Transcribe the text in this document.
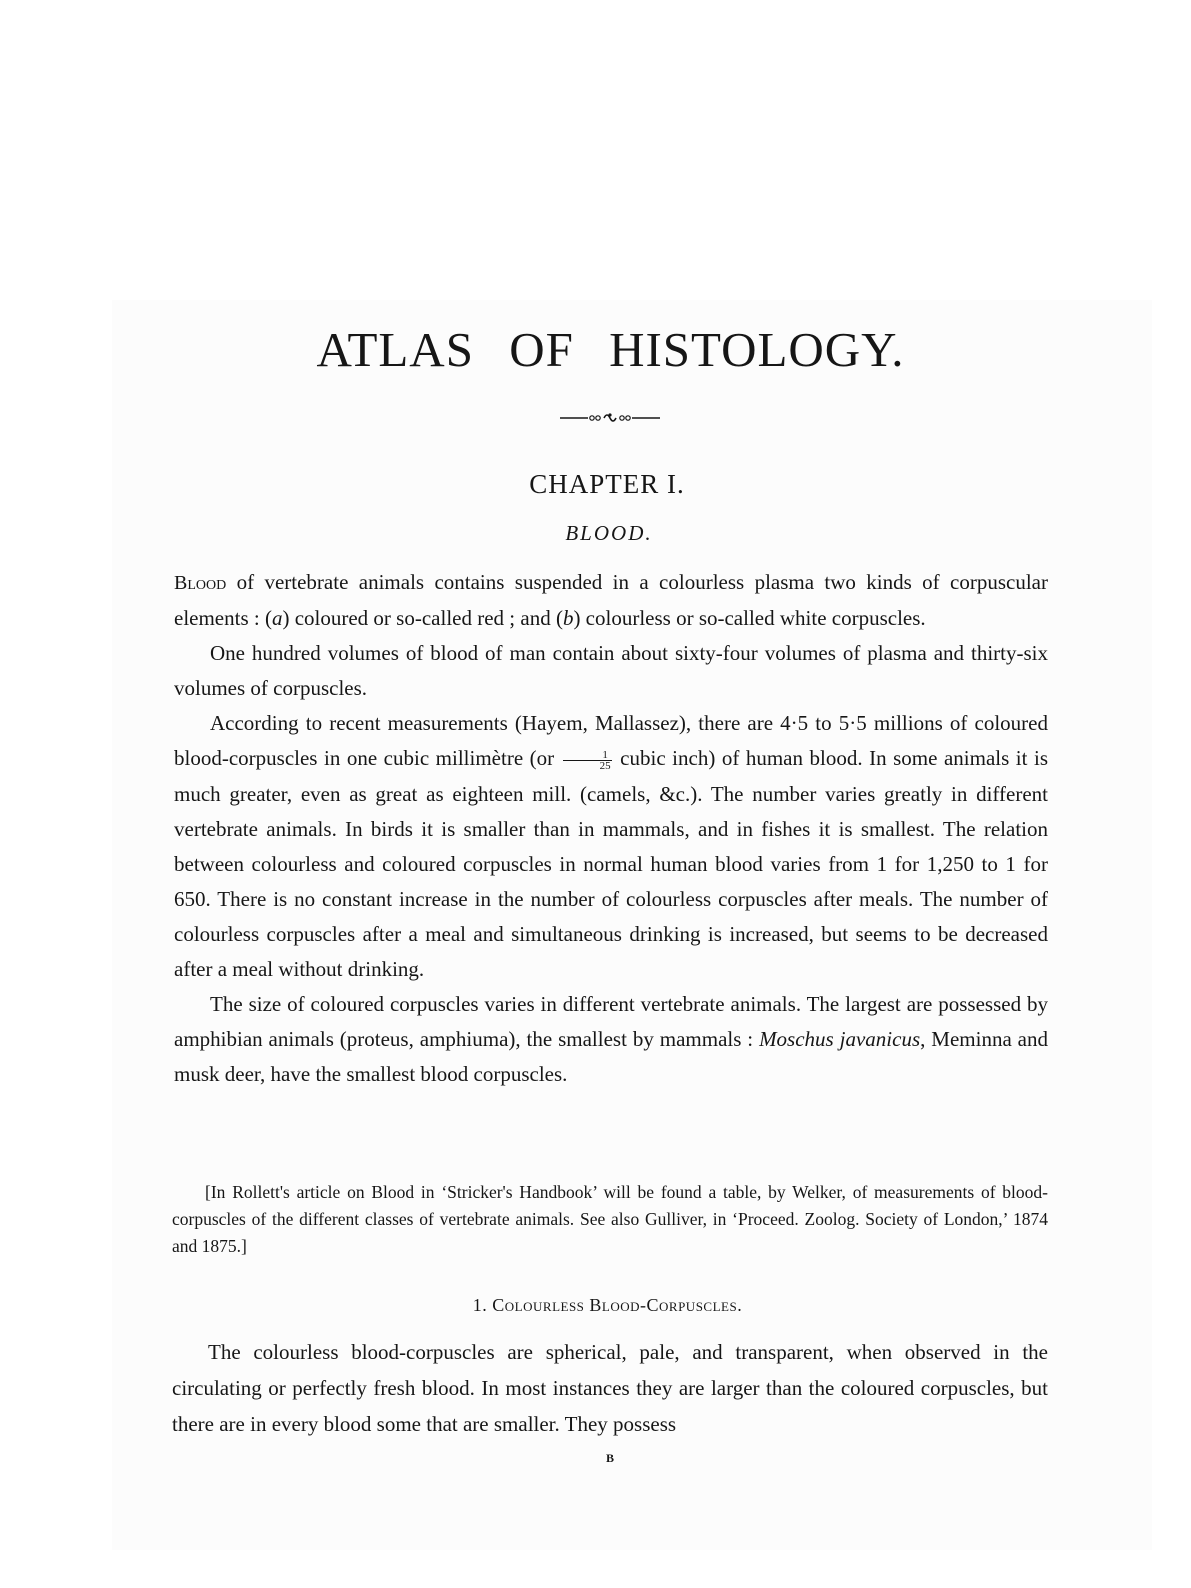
ATLAS OF HISTOLOGY.
CHAPTER I.
BLOOD.

Blood of vertebrate animals contains suspended in a colourless plasma two kinds of corpuscular elements : (a) coloured or so-called red ; and (b) colourless or so-called white corpuscles.

One hundred volumes of blood of man contain about sixty-four volumes of plasma and thirty-six volumes of corpuscles.

According to recent measurements (Hayem, Mallassez), there are 4·5 to 5·5 millions of coloured blood-corpuscles in one cubic millimètre ($or \frac{1}{25}$ cubic inch) of human blood. In some animals it is much greater, even as great as eighteen mill. (camels, &c.). The number varies greatly in different vertebrate animals. In birds it is smaller than in mammals, and in fishes it is smallest. The relation between colourless and coloured corpuscles in normal human blood varies from 1 for 1,250 to 1 for 650. There is no constant increase in the number of colourless corpuscles after meals. The number of colourless corpuscles after a meal and simultaneous drinking is increased, but seems to be decreased after a meal without drinking.

The size of coloured corpuscles varies in different vertebrate animals. The largest are possessed by amphibian animals (proteus, amphiuma), the smallest by mammals : Moschus javanicus, Meminna and musk deer, have the smallest blood corpuscles.

[In Rollett's article on Blood in ‘Stricker's Handbook’ will be found a table, by Welker, of measurements of blood-corpuscles of the different classes of vertebrate animals. See also Gulliver, in ‘Proceed. Zoolog. Society of London,’ 1874 and 1875.]

1. Colourless Blood-Corpuscles.

The colourless blood-corpuscles are spherical, pale, and transparent, when observed in the circulating or perfectly fresh blood. In most instances they are larger than the coloured corpuscles, but there are in every blood some that are smaller. They possess

B
